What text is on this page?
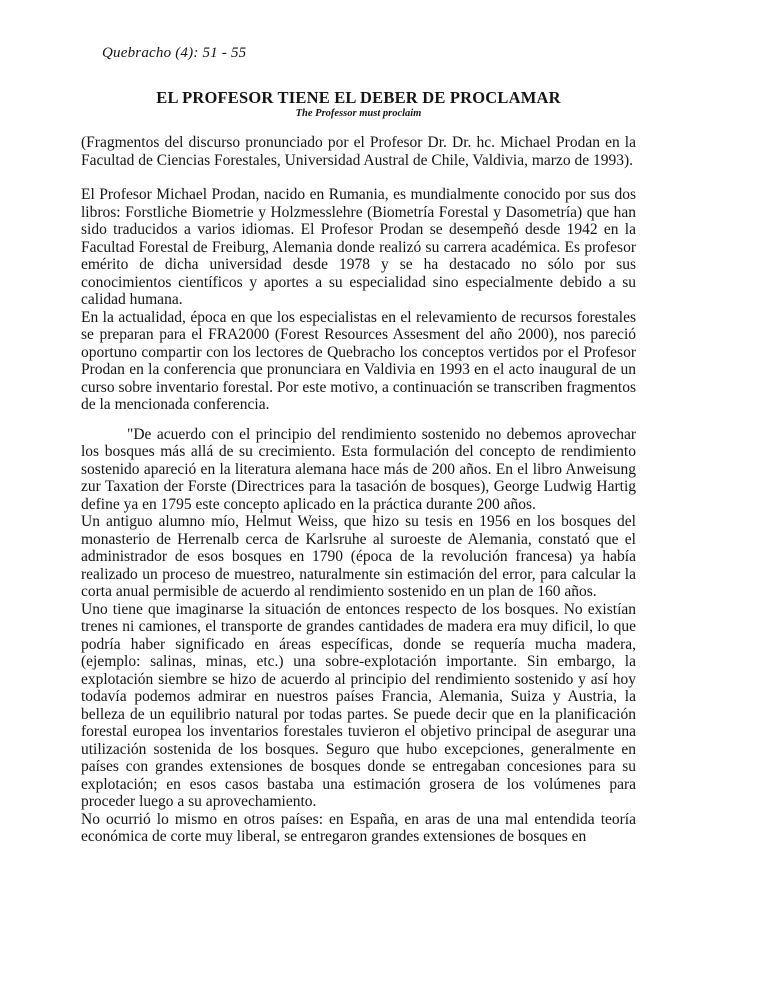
Quebracho (4): 51 - 55
EL PROFESOR TIENE EL DEBER DE PROCLAMAR
The Professor must proclaim

(Fragmentos del discurso pronunciado por el Profesor Dr. Dr. hc. Michael Prodan en la Facultad de Ciencias Forestales, Universidad Austral de Chile, Valdivia, marzo de 1993).

El Profesor Michael Prodan, nacido en Rumania, es mundialmente conocido por sus dos libros: Forstliche Biometrie y Holzmesslehre (Biometría Forestal y Dasometría) que han sido traducidos a varios idiomas. El Profesor Prodan se desempeñó desde 1942 en la Facultad Forestal de Freiburg, Alemania donde realizó su carrera académica. Es profesor emérito de dicha universidad desde 1978 y se ha destacado no sólo por sus conocimientos científicos y aportes a su especialidad sino especialmente debido a su calidad humana.

En la actualidad, época en que los especialistas en el relevamiento de recursos forestales se preparan para el FRA2000 (Forest Resources Assesment del año 2000), nos pareció oportuno compartir con los lectores de Quebracho los conceptos vertidos por el Profesor Prodan en la conferencia que pronunciara en Valdivia en 1993 en el acto inaugural de un curso sobre inventario forestal. Por este motivo, a continuación se transcriben fragmentos de la mencionada conferencia.

"De acuerdo con el principio del rendimiento sostenido no debemos aprovechar los bosques más allá de su crecimiento. Esta formulación del concepto de rendimiento sostenido apareció en la literatura alemana hace más de 200 años. En el libro Anweisung zur Taxation der Forste (Directrices para la tasación de bosques), George Ludwig Hartig define ya en 1795 este concepto aplicado en la práctica durante 200 años.

Un antiguo alumno mío, Helmut Weiss, que hizo su tesis en 1956 en los bosques del monasterio de Herrenalb cerca de Karlsruhe al suroeste de Alemania, constató que el administrador de esos bosques en 1790 (época de la revolución francesa) ya había realizado un proceso de muestreo, naturalmente sin estimación del error, para calcular la corta anual permisible de acuerdo al rendimiento sostenido en un plan de 160 años.

Uno tiene que imaginarse la situación de entonces respecto de los bosques. No existían trenes ni camiones, el transporte de grandes cantidades de madera era muy dificil, lo que podría haber significado en áreas específicas, donde se requería mucha madera, (ejemplo: salinas, minas, etc.) una sobre-explotación importante. Sin embargo, la explotación siembre se hizo de acuerdo al principio del rendimiento sostenido y así hoy todavía podemos admirar en nuestros países Francia, Alemania, Suiza y Austria, la belleza de un equilibrio natural por todas partes. Se puede decir que en la planificación forestal europea los inventarios forestales tuvieron el objetivo principal de asegurar una utilización sostenida de los bosques. Seguro que hubo excepciones, generalmente en países con grandes extensiones de bosques donde se entregaban concesiones para su explotación; en esos casos bastaba una estimación grosera de los volúmenes para proceder luego a su aprovechamiento.

No ocurrió lo mismo en otros países: en España, en aras de una mal entendida teoría económica de corte muy liberal, se entregaron grandes extensiones de bosques en
